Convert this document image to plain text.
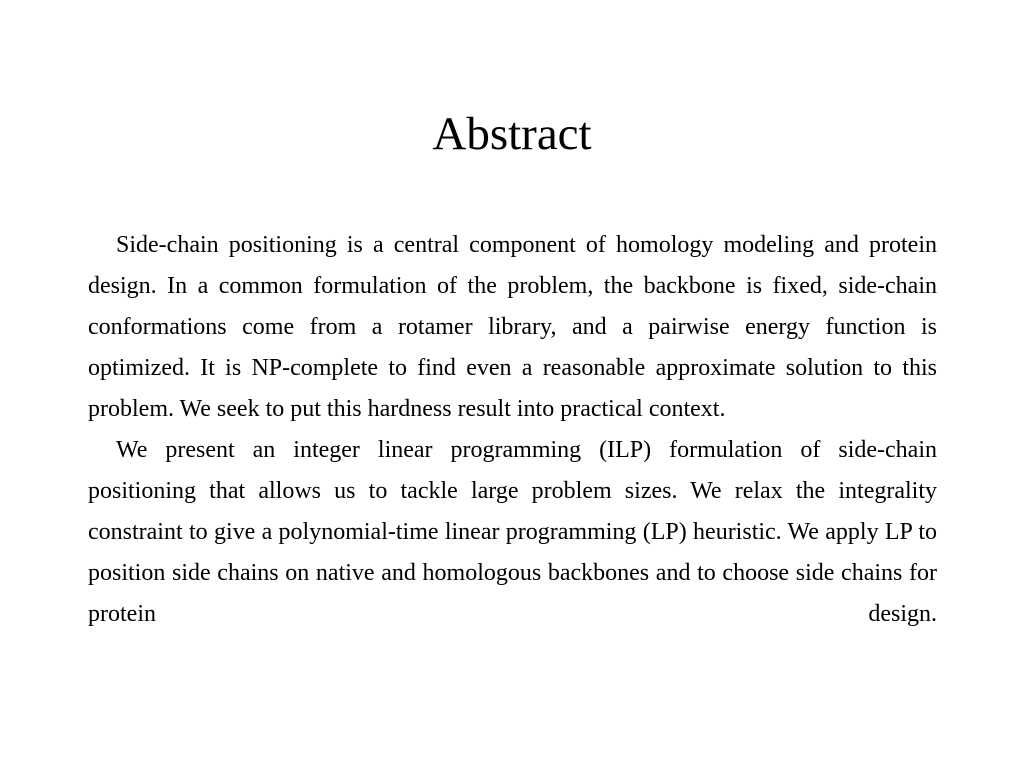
Abstract

Side-chain positioning is a central component of homology modeling and protein design. In a common formulation of the problem, the backbone is fixed, side-chain conformations come from a rotamer library, and a pairwise energy function is optimized. It is NP-complete to find even a reasonable approximate solution to this problem. We seek to put this hardness result into practical context.

We present an integer linear programming (ILP) formulation of side-chain positioning that allows us to tackle large problem sizes. We relax the integrality constraint to give a polynomial-time linear programming (LP) heuristic. We apply LP to position side chains on native and homologous backbones and to choose side chains for protein design.
